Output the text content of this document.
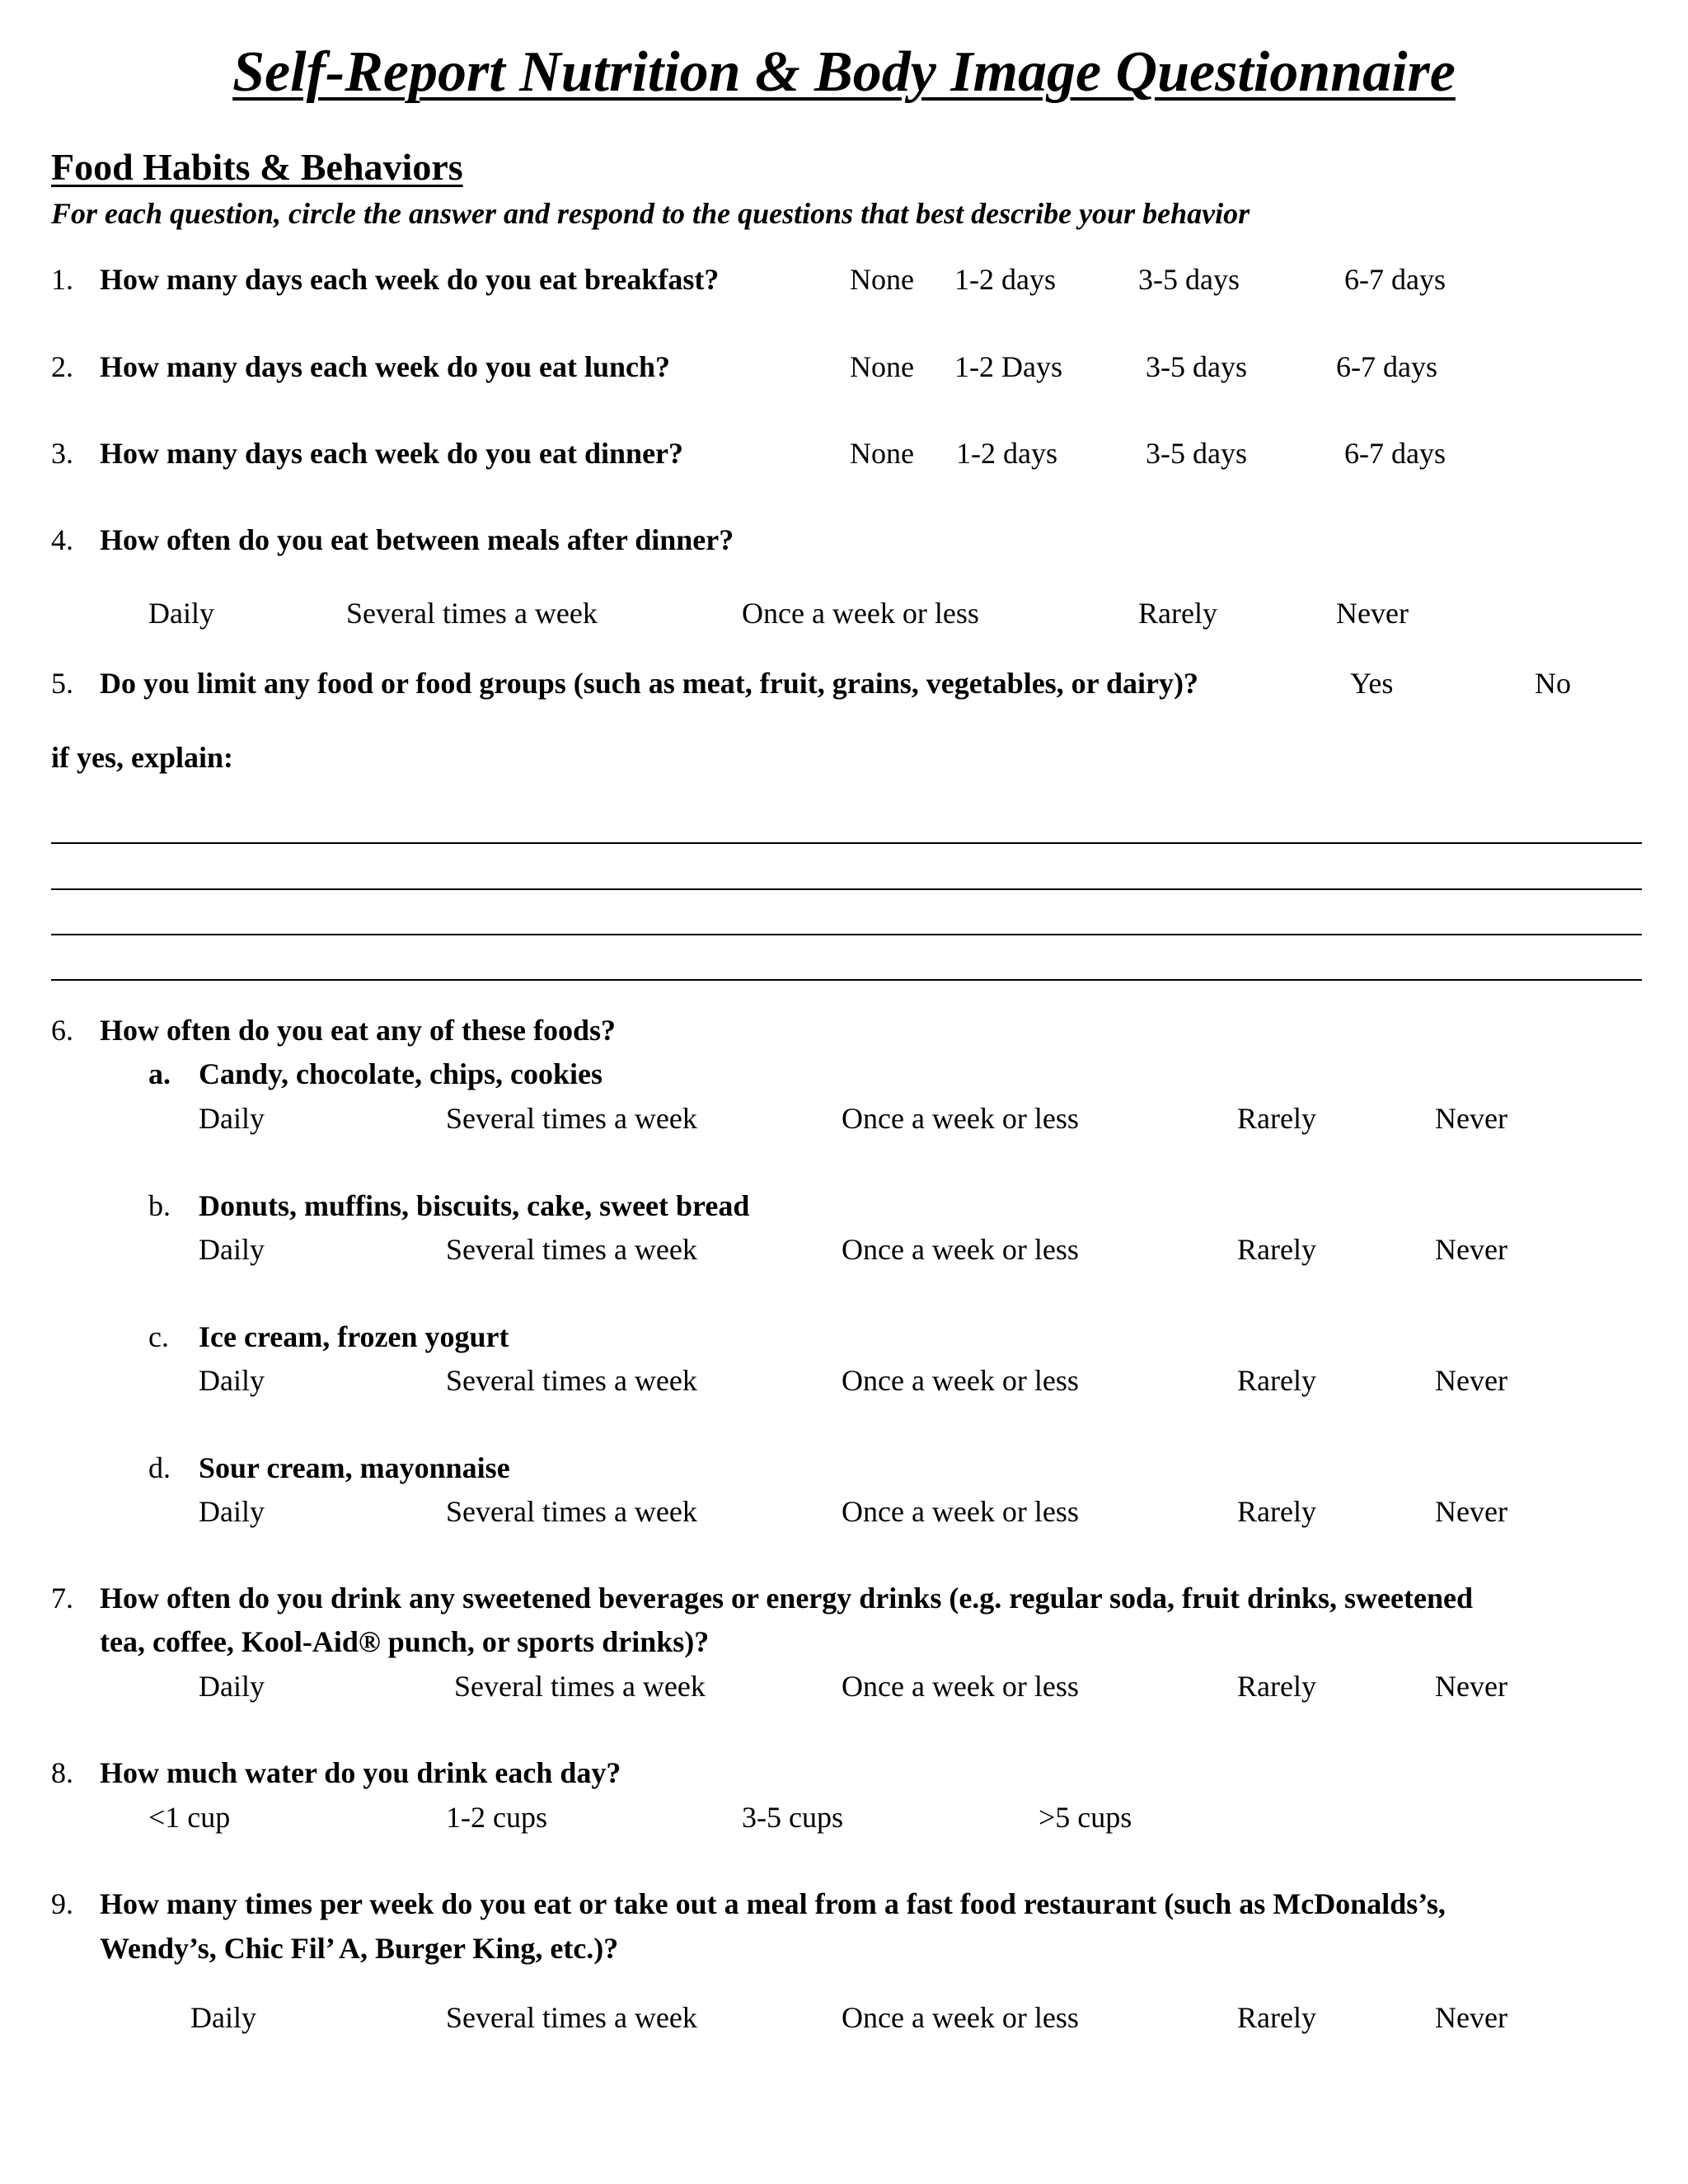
Self-Report Nutrition & Body Image Questionnaire
Food Habits & Behaviors
For each question, circle the answer and respond to the questions that best describe your behavior
1. How many days each week do you eat breakfast?	None 1-2 days	3-5 days	6-7 days
2. How many days each week do you eat lunch?	None 1-2 Days	3-5 days	6-7 days
3. How many days each week do you eat dinner?	None 1-2 days	3-5 days	6-7 days
4. How often do you eat between meals after dinner?
Daily	Several times a week	Once a week or less	Rarely	Never
5. Do you limit any food or food groups (such as meat, fruit, grains, vegetables, or dairy)?	Yes	No
if yes, explain:
6. How often do you eat any of these foods?
a. Candy, chocolate, chips, cookies
Daily	Several times a week	Once a week or less	Rarely	Never
b. Donuts, muffins, biscuits, cake, sweet bread
Daily	Several times a week	Once a week or less	Rarely	Never
c. Ice cream, frozen yogurt
Daily	Several times a week	Once a week or less	Rarely	Never
d. Sour cream, mayonnaise
Daily	Several times a week	Once a week or less	Rarely	Never
7. How often do you drink any sweetened beverages or energy drinks (e.g. regular soda, fruit drinks, sweetened
tea, coffee, Kool-Aid® punch, or sports drinks)?
Daily	Several times a week	Once a week or less	Rarely	Never
8. How much water do you drink each day?
<1 cup	1-2 cups	3-5 cups	>5 cups
9. How many times per week do you eat or take out a meal from a fast food restaurant (such as McDonalds’s,
Wendy’s, Chic Fil’ A, Burger King, etc.)?
Daily	Several times a week	Once a week or less	Rarely	Never
